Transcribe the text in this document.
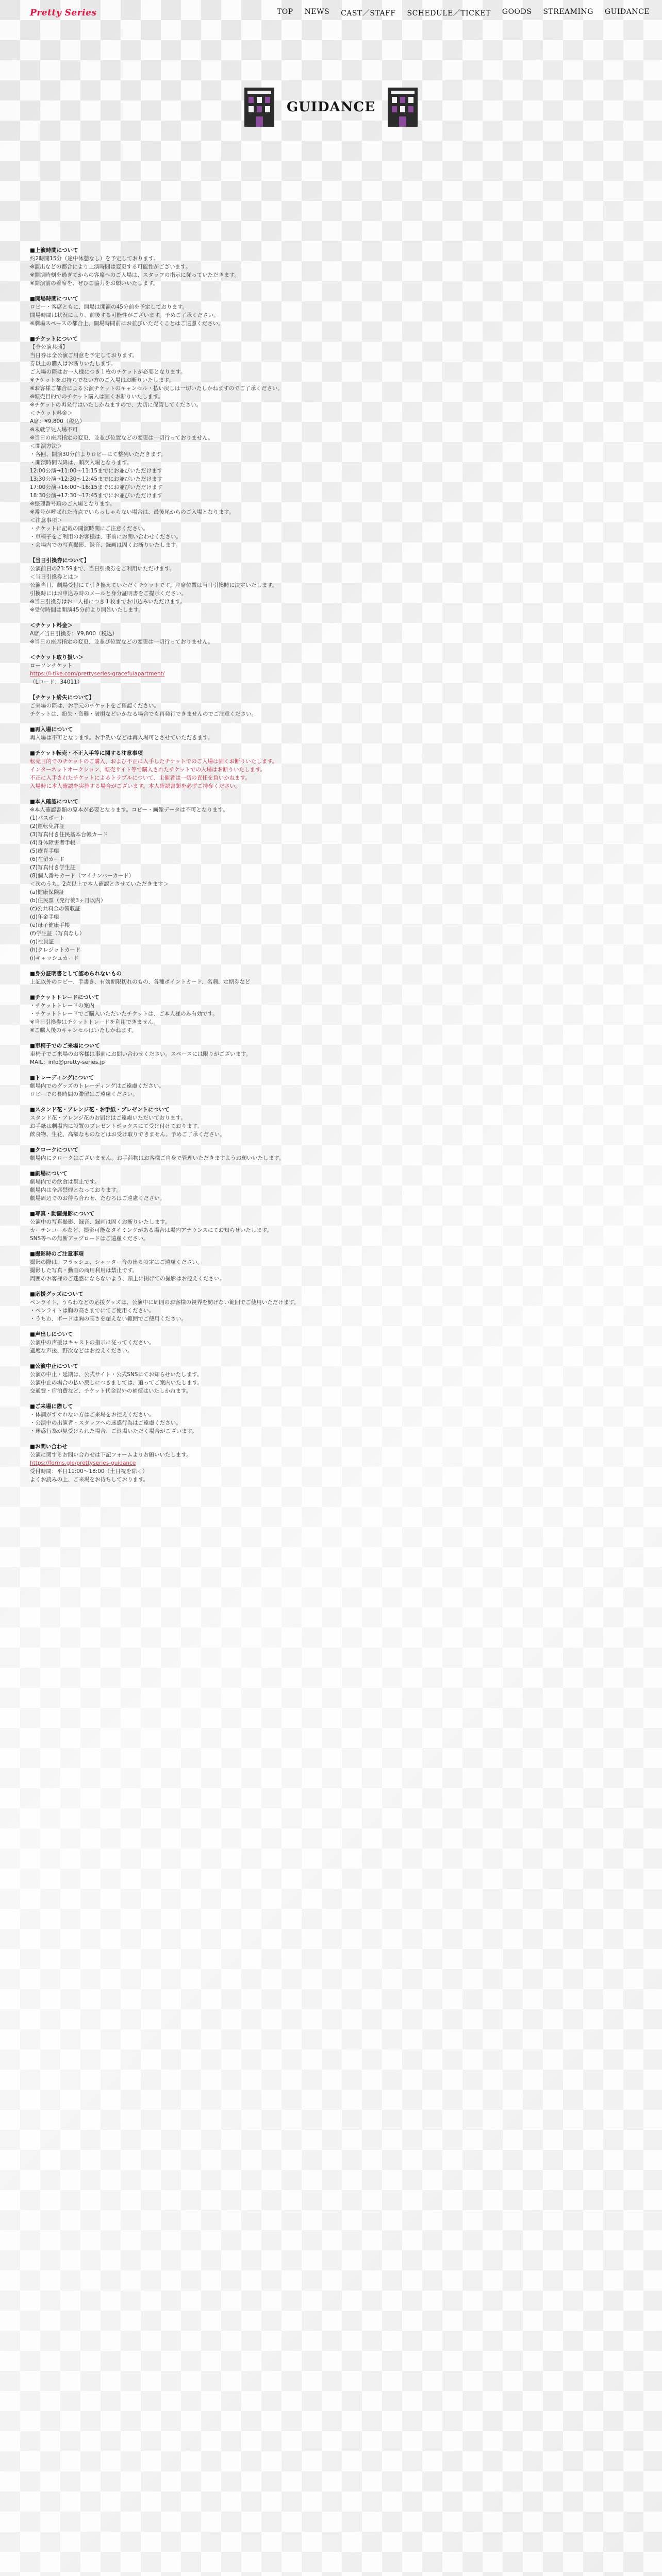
Pretty Series	TOP NEWS CAST／STAFF SCHEDULE／TICKET GOODS STREAMING GUIDANCE
GUIDANCE
■上演時間について

約2時間15分（途中休憩なし）を予定しております。

※演出などの都合により上演時間は変更する可能性がございます。

※開演時刻を過ぎてからの客席へのご入場は、スタッフの指示に従っていただきます。

※開演前の着席を、ぜひご協力をお願いいたします。

■開場時間について

ロビー・客席ともに、開場は開演の45分前を予定しております。

開場時間は状況により、前後する可能性がございます。予めご了承ください。

※劇場スペースの都合上、開場時間前にお並びいただくことはご遠慮ください。

■チケットについて

【全公演共通】

当日券は全公演ご用意を予定しております。

券以上の購入はお断りいたします。

ご入場の際はお一人様につき１枚のチケットが必要となります。

※チケットをお持ちでない方のご入場はお断りいたします。

※お客様ご都合による公演チケットのキャンセル・払い戻しは一切いたしかねますのでご了承ください。

※転売目的でのチケット購入は固くお断りいたします。

※チケットの再発行はいたしかねますので、大切に保管してください。

＜チケット料金＞

A席：¥9,800（税込）

※未就学児入場不可

※当日の座席指定の変更、並並び位置などの変更は一切行っておりません。

＜開演方法＞

・各回、開演30分前よりロビーにて整列いただきます。

・開演時間以降は、順次入場となります。

12:00公演→11:00～11:15までにお並びいただけます

13:30公演→12:30～12:45までにお並びいただけます

17:00公演→16:00～16:15までにお並びいただけます

18:30公演→17:30～17:45までにお並びいただけます

※整理番号順のご入場となります。

※番号が呼ばれた時点でいらっしゃらない場合は、最後尾からのご入場となります。

＜注意事項＞

・チケットに記載の開演時間にご注意ください。

・車椅子をご利用のお客様は、事前にお問い合わせください。

・会場内での写真撮影、録音、録画は固くお断りいたします。

【当日引換券について】

公演前日の23:59まで、当日引換券をご利用いただけます。

＜当日引換券とは＞

公演当日、劇場受付にて引き換えていただくチケットです。座席位置は当日引換時に決定いたします。

引換時にはお申込み時のメールと身分証明書をご提示ください。

※当日引換券はお一人様につき１枚までお申込みいただけます。

※受付時間は開演45分前より開始いたします。

＜チケット料金＞

A席／当日引換券：¥9,800（税込）

※当日の座席指定の変更、並並び位置などの変更は一切行っておりません。

＜チケット取り扱い＞

ローソンチケット

https://l-tike.com/prettyseries-gracefulapartment/

（Lコード：34011）

【チケット紛失について】

ご来場の際は、お手元のチケットをご確認ください。

チケットは、紛失・盗難・破損などいかなる場合でも再発行できませんのでご注意ください。

■再入場について

再入場は不可となります。お手洗いなどは再入場可とさせていただきます。

■チケット転売・不正入手等に関する注意事項

転売目的でのチケットのご購入、および不正に入手したチケットでのご入場は固くお断りいたします。

インターネットオークション、転売サイト等で購入されたチケットでの入場はお断りいたします。

不正に入手されたチケットによるトラブルについて、主催者は一切の責任を負いかねます。

入場時に本人確認を実施する場合がございます。本人確認書類を必ずご持参ください。

■本人確認について

※本人確認書類の原本が必要となります。コピー・画像データは不可となります。

(1)パスポート

(2)運転免許証

(3)写真付き住民基本台帳カード

(4)身体障害者手帳

(5)療育手帳

(6)在留カード

(7)写真付き学生証

(8)個人番号カード（マイナンバーカード）

＜次のうち、2点以上で本人確認とさせていただきます＞

(a)健康保険証

(b)住民票（発行後3ヶ月以内）

(c)公共料金の領収証

(d)年金手帳

(e)母子健康手帳

(f)学生証（写真なし）

(g)社員証

(h)クレジットカード

(i)キャッシュカード

■身分証明書として認められないもの

上記以外のコピー、手書き、有効期限切れのもの、各種ポイントカード、名刺、定期券など

■チケットトレードについて

・チケットトレードの案内

・チケットトレードでご購入いただいたチケットは、ご本人様のみ有効です。

※当日引換券はチケットトレードを利用できません。

※ご購入後のキャンセルはいたしかねます。

■車椅子でのご来場について

車椅子でご来場のお客様は事前にお問い合わせください。スペースには限りがございます。

MAIL：info@pretty-series.jp

■トレーディングについて

劇場内でのグッズのトレーディングはご遠慮ください。

ロビーでの長時間の滞留はご遠慮ください。

■スタンド花・アレンジ花・お手紙・プレゼントについて

スタンド花・アレンジ花のお届けはご遠慮いただいております。

お手紙は劇場内に設置のプレゼントボックスにて受け付けております。

飲食物、生花、高額なものなどはお受け取りできません。予めご了承ください。

■クロークについて

劇場内にクロークはございません。お手荷物はお客様ご自身で管理いただきますようお願いいたします。

■劇場について

劇場内での飲食は禁止です。

劇場内は全席禁煙となっております。

劇場周辺でのお待ち合わせ、たむろはご遠慮ください。

■写真・動画撮影について

公演中の写真撮影、録音、録画は固くお断りいたします。

カーテンコールなど、撮影可能なタイミングがある場合は場内アナウンスにてお知らせいたします。

SNS等への無断アップロードはご遠慮ください。

■撮影時のご注意事項

撮影の際は、フラッシュ、シャッター音の出る設定はご遠慮ください。

撮影した写真・動画の商用利用は禁止です。

周囲のお客様のご迷惑にならないよう、頭上に掲げての撮影はお控えください。

■応援グッズについて

ペンライト、うちわなどの応援グッズは、公演中に周囲のお客様の視界を妨げない範囲でご使用いただけます。

・ペンライトは胸の高さまでにてご使用ください。

・うちわ、ボードは胸の高さを超えない範囲でご使用ください。

■声出しについて

公演中の声援はキャストの指示に従ってください。

過度な声援、野次などはお控えください。

■公演中止について

公演の中止・延期は、公式サイト・公式SNSにてお知らせいたします。

公演中止の場合の払い戻しにつきましては、追ってご案内いたします。

交通費・宿泊費など、チケット代金以外の補償はいたしかねます。

■ご来場に際して

・体調がすぐれない方はご来場をお控えください。

・公演中の出演者・スタッフへの迷惑行為はご遠慮ください。

・迷惑行為が見受けられた場合、ご退場いただく場合がございます。

■お問い合わせ

公演に関するお問い合わせは下記フォームよりお願いいたします。

https://forms.gle/prettyseries-guidance

受付時間：平日11:00～18:00（土日祝を除く）

よくお読みの上、ご来場をお待ちしております。
